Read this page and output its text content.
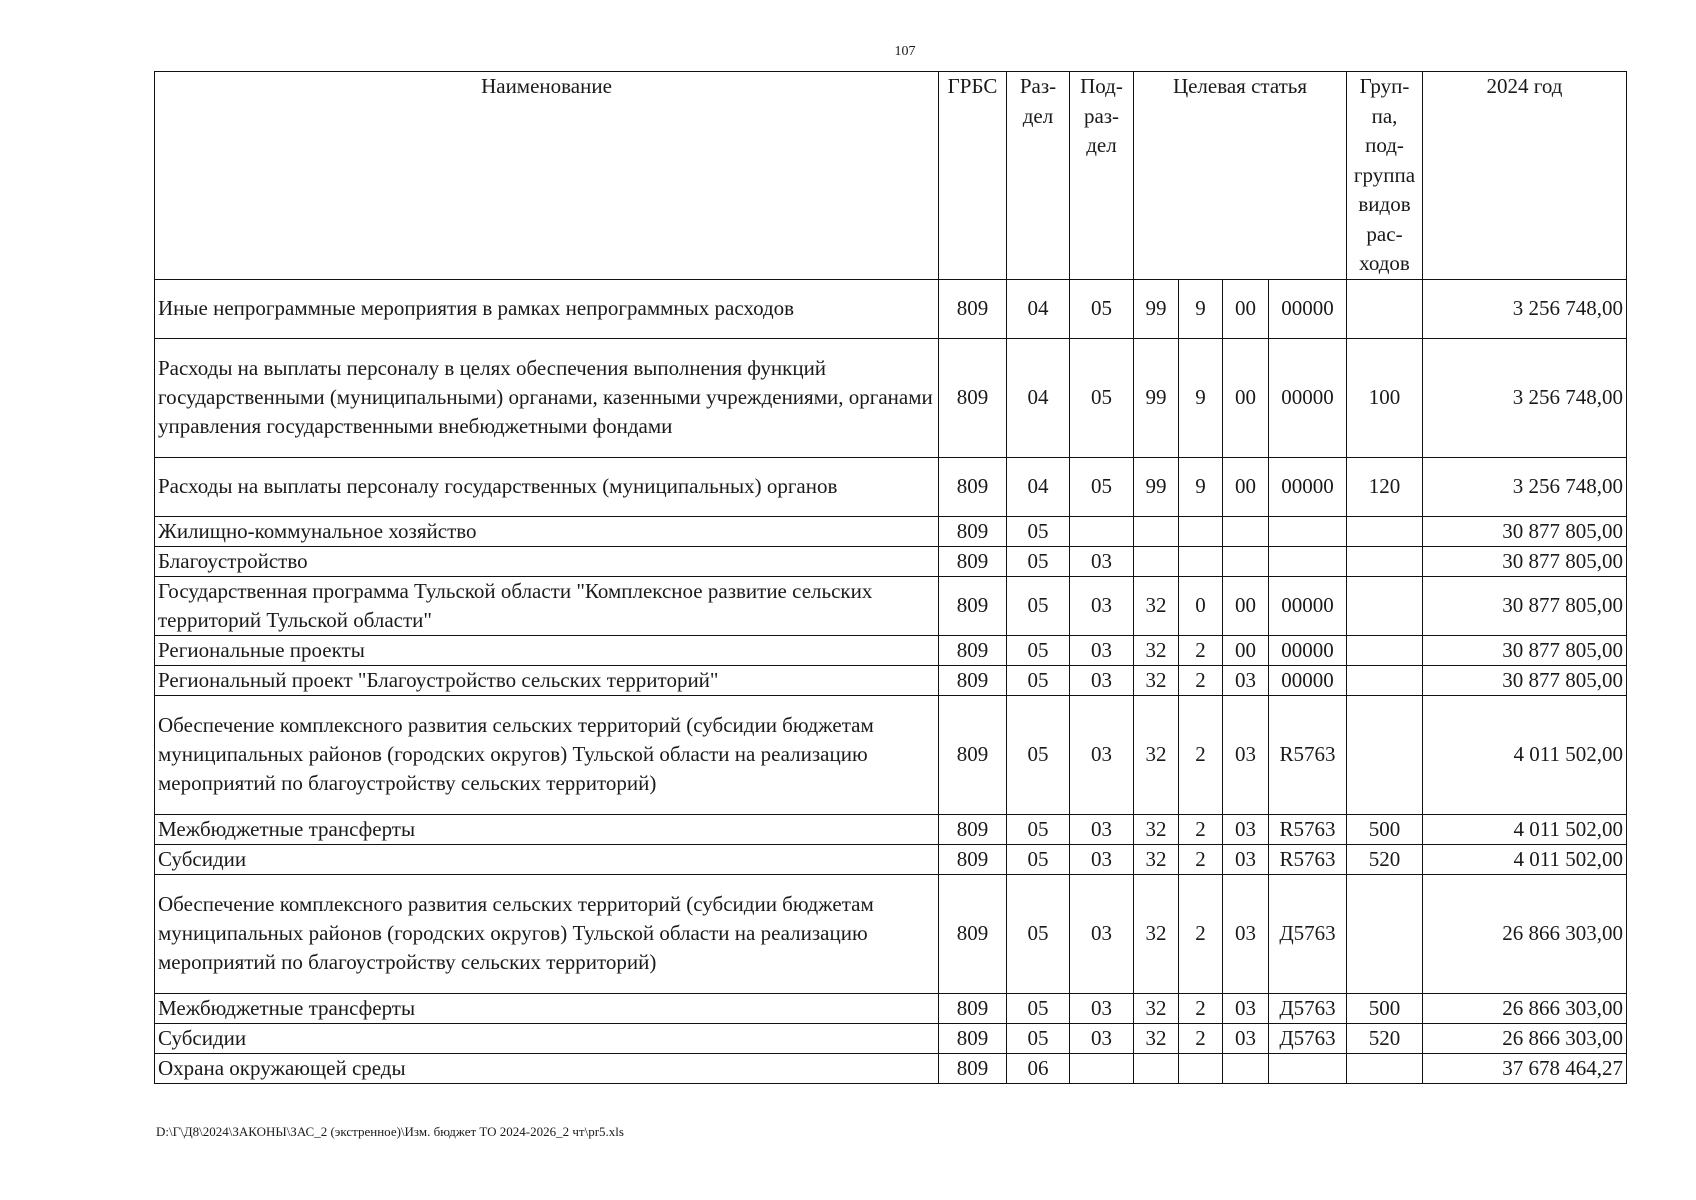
107
Наименование	ГРБС	Раз- дел	Под- раз- дел	Целевая статья				Груп- па, под- группа видов рас- ходов	2024 год
Иные непрограммные мероприятия в рамках непрограммных расходов	809	04	05	99	9	00	00000		3 256 748,00
Расходы на выплаты персоналу в целях обеспечения выполнения функций государственными (муниципальными) органами, казенными учреждениями, органами управления государственными внебюджетными фондами	809	04	05	99	9	00	00000	100	3 256 748,00
Расходы на выплаты персоналу государственных (муниципальных) органов	809	04	05	99	9	00	00000	120	3 256 748,00
Жилищно-коммунальное хозяйство	809	05							30 877 805,00
Благоустройство	809	05	03						30 877 805,00
Государственная программа Тульской области "Комплексное развитие сельских территорий Тульской области"	809	05	03	32	0	00	00000		30 877 805,00
Региональные проекты	809	05	03	32	2	00	00000		30 877 805,00
Региональный проект "Благоустройство сельских территорий"	809	05	03	32	2	03	00000		30 877 805,00
Обеспечение комплексного развития сельских территорий (субсидии бюджетам муниципальных районов (городских округов) Тульской области на реализацию мероприятий по благоустройству сельских территорий)	809	05	03	32	2	03	R5763		4 011 502,00
Межбюджетные трансферты	809	05	03	32	2	03	R5763	500	4 011 502,00
Субсидии	809	05	03	32	2	03	R5763	520	4 011 502,00
Обеспечение комплексного развития сельских территорий (субсидии бюджетам муниципальных районов (городских округов) Тульской области на реализацию мероприятий по благоустройству сельских территорий)	809	05	03	32	2	03	Д5763		26 866 303,00
Межбюджетные трансферты	809	05	03	32	2	03	Д5763	500	26 866 303,00
Субсидии	809	05	03	32	2	03	Д5763	520	26 866 303,00
Охрана окружающей среды	809	06							37 678 464,27
D:\Г\Д8\2024\ЗАКОНЫ\ЗАС_2 (экстренное)\Изм. бюджет ТО 2024-2026_2 чт\pr5.xls
